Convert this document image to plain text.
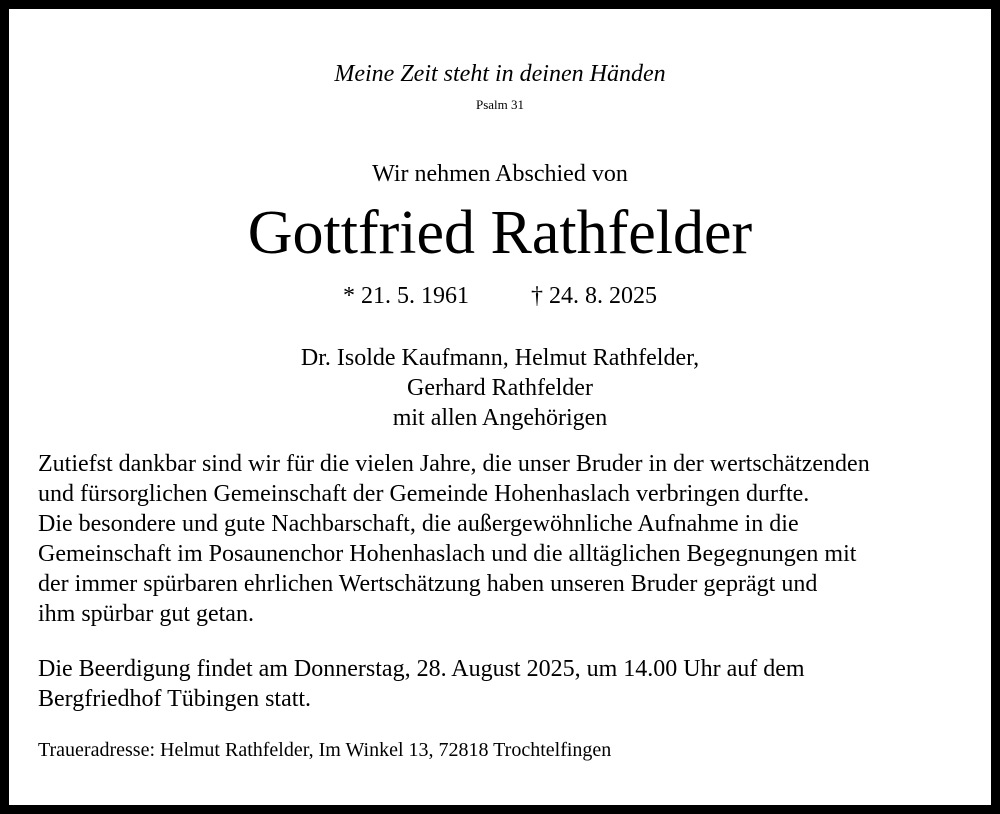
Meine Zeit steht in deinen Händen
Psalm 31
Wir nehmen Abschied von
Gottfried Rathfelder
* 21. 5. 1961	† 24. 8. 2025
Dr. Isolde Kaufmann, Helmut Rathfelder,
Gerhard Rathfelder
mit allen Angehörigen
Zutiefst dankbar sind wir für die vielen Jahre, die unser Bruder in der wertschätzenden
und fürsorglichen Gemeinschaft der Gemeinde Hohenhaslach verbringen durfte.
Die besondere und gute Nachbarschaft, die außergewöhnliche Aufnahme in die
Gemeinschaft im Posaunenchor Hohenhaslach und die alltäglichen Begegnungen mit
der immer spürbaren ehrlichen Wertschätzung haben unseren Bruder geprägt und
ihm spürbar gut getan.
Die Beerdigung findet am Donnerstag, 28. August 2025, um 14.00 Uhr auf dem
Bergfriedhof Tübingen statt.
Traueradresse: Helmut Rathfelder, Im Winkel 13, 72818 Trochtelfingen
